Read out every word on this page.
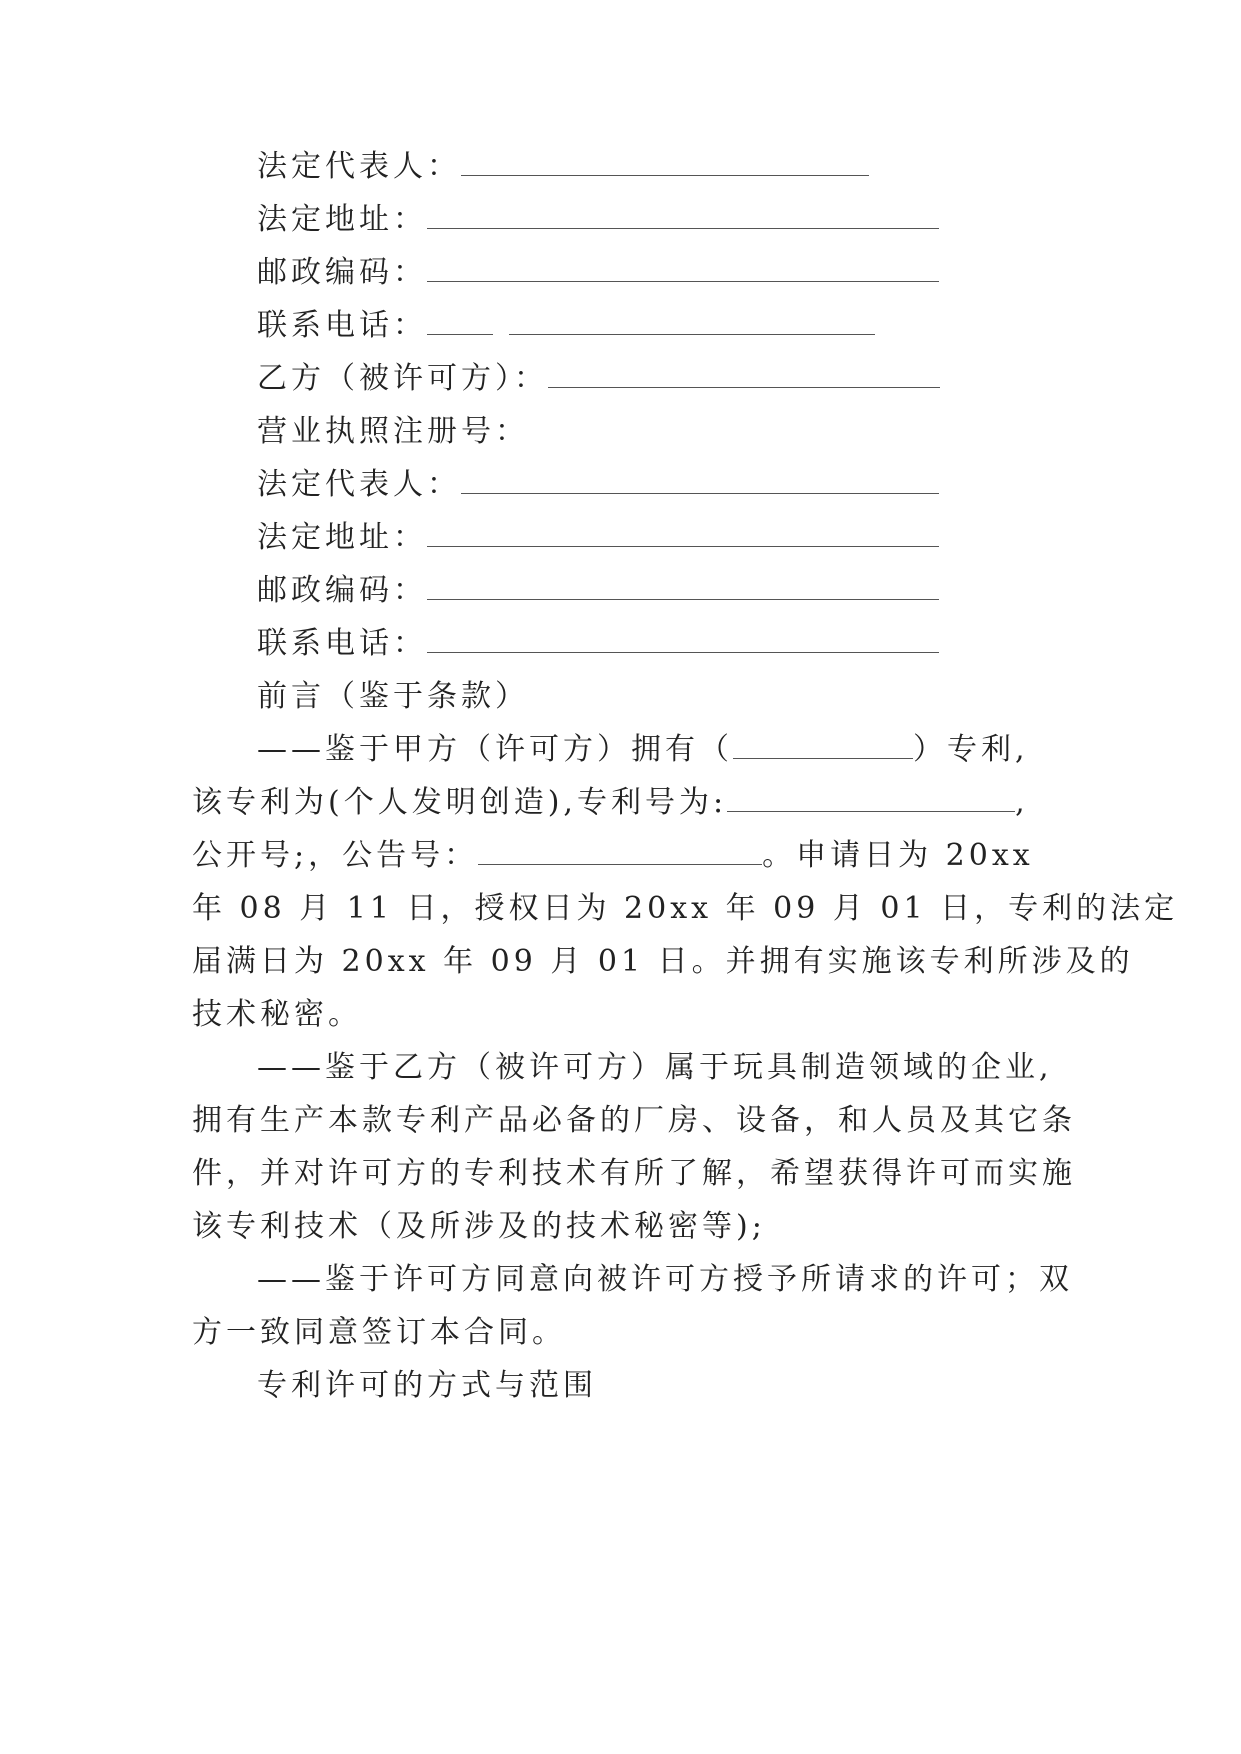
法定代表人：
法定地址：
邮政编码：
联系电话：
乙方（被许可方）：
营业执照注册号：
法定代表人：
法定地址：
邮政编码：
联系电话：
前言（鉴于条款）
——鉴于甲方（许可方）拥有（	）专利,
该专利为(个人发明创造),专利号为:	,
公开号;，公告号：	。申请日为 20xx
年 08 月 11 日，授权日为 20xx 年 09 月 01 日，专利的法定
届满日为 20xx 年 09 月 01 日。并拥有实施该专利所涉及的
技术秘密。
——鉴于乙方（被许可方）属于玩具制造领域的企业,
拥有生产本款专利产品必备的厂房、设备，和人员及其它条
件，并对许可方的专利技术有所了解，希望获得许可而实施
该专利技术（及所涉及的技术秘密等);
——鉴于许可方同意向被许可方授予所请求的许可；双
方一致同意签订本合同。
专利许可的方式与范围
